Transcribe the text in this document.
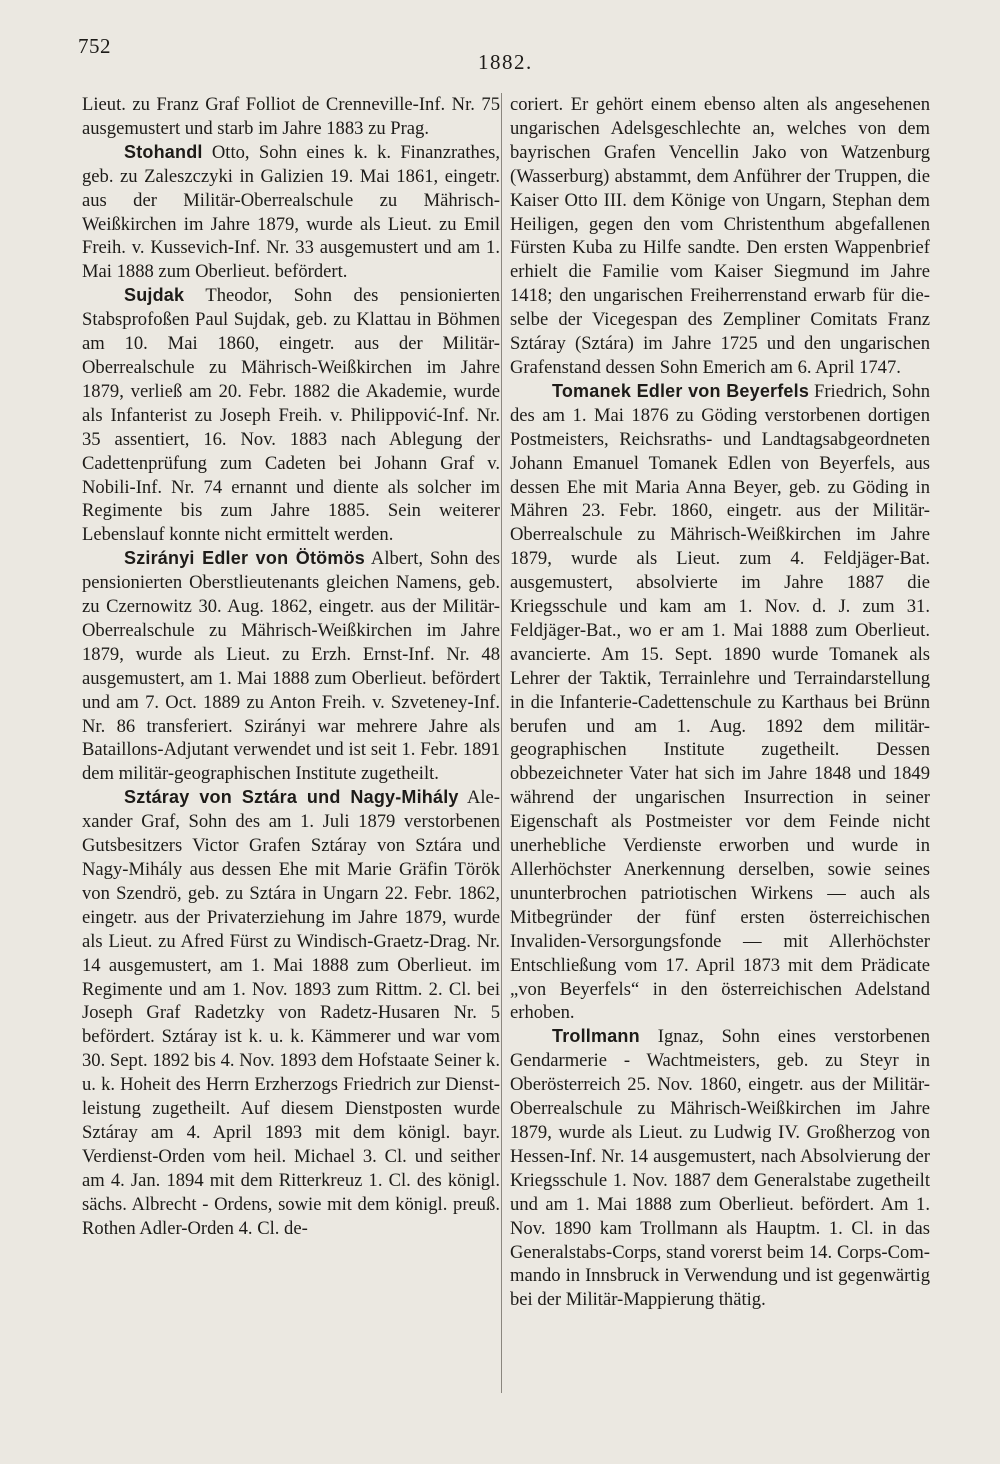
752
1882.

Lieut. zu Franz Graf Folliot de Crenneville-Inf. Nr. 75 ausgemustert und starb im Jahre 1883 zu Prag.

Stohandl Otto, Sohn eines k. k. Finanzrathes, geb. zu Zaleszczyki in Galizien 19. Mai 1861, eingetr. aus der Militär-Oberrealschule zu Mährisch-Weißkirchen im Jahre 1879, wurde als Lieut. zu Emil Freih. v. Kussevich-Inf. Nr. 33 ausgemustert und am 1. Mai 1888 zum Oberlieut. befördert.

Sujdak Theodor, Sohn des pensionierten Stabsprofoßen Paul Sujdak, geb. zu Klattau in Böhmen am 10. Mai 1860, eingetr. aus der Militär-Oberrealschule zu Mährisch-Weißkirchen im Jahre 1879, verließ am 20. Febr. 1882 die Akademie, wurde als Infanterist zu Joseph Freih. v. Philippović-Inf. Nr. 35 assentiert, 16. Nov. 1883 nach Ablegung der Cadettenprüfung zum Cadeten bei Johann Graf v. Nobili-Inf. Nr. 74 ernannt und diente als solcher im Regimente bis zum Jahre 1885. Sein weiterer Lebenslauf konnte nicht ermittelt werden.

Szirányi Edler von Ötömös Albert, Sohn des pensionierten Oberstlieutenants gleichen Namens, geb. zu Czernowitz 30. Aug. 1862, eingetr. aus der Militär-Oberrealschule zu Mährisch-Weißkirchen im Jahre 1879, wurde als Lieut. zu Erzh. Ernst-Inf. Nr. 48 ausgemustert, am 1. Mai 1888 zum Oberlieut. befördert und am 7. Oct. 1889 zu Anton Freih. v. Szveteney-Inf. Nr. 86 transferiert. Szirányi war mehrere Jahre als Bataillons-Adjutant verwendet und ist seit 1. Febr. 1891 dem militär-geographischen Institute zugetheilt.

Sztáray von Sztára und Nagy-Mihály Alexander Graf, Sohn des am 1. Juli 1879 verstorbenen Gutsbesitzers Victor Grafen Sztáray von Sztára und Nagy-Mihály aus dessen Ehe mit Marie Gräfin Török von Szendrö, geb. zu Sztára in Ungarn 22. Febr. 1862, eingetr. aus der Privaterziehung im Jahre 1879, wurde als Lieut. zu Afred Fürst zu Windisch-Graetz-Drag. Nr. 14 ausgemustert, am 1. Mai 1888 zum Oberlieut. im Regimente und am 1. Nov. 1893 zum Rittm. 2. Cl. bei Joseph Graf Radetzky von Radetz-Husaren Nr. 5 befördert. Sztáray ist k. u. k. Kämmerer und war vom 30. Sept. 1892 bis 4. Nov. 1893 dem Hofstaate Seiner k. u. k. Hoheit des Herrn Erzherzogs Friedrich zur Dienstleistung zugetheilt. Auf diesem Dienstposten wurde Sztáray am 4. April 1893 mit dem königl. bayr. Verdienst-Orden vom heil. Michael 3. Cl. und seither am 4. Jan. 1894 mit dem Ritterkreuz 1. Cl. des königl. sächs. Albrecht - Ordens, sowie mit dem königl. preuß. Rothen Adler-Orden 4. Cl. de-

coriert. Er gehört einem ebenso alten als angesehenen ungarischen Adelsgeschlechte an, welches von dem bayrischen Grafen Vencellin Jako von Watzenburg (Wasserburg) abstammt, dem Anführer der Truppen, die Kaiser Otto III. dem Könige von Ungarn, Stephan dem Heiligen, gegen den vom Christenthum abgefallenen Fürsten Kuba zu Hilfe sandte. Den ersten Wappenbrief erhielt die Familie vom Kaiser Siegmund im Jahre 1418; den ungarischen Freiherrenstand erwarb für dieselbe der Vicegespan des Zempliner Comitats Franz Sztáray (Sztára) im Jahre 1725 und den ungarischen Grafenstand dessen Sohn Emerich am 6. April 1747.

Tomanek Edler von Beyerfels Friedrich, Sohn des am 1. Mai 1876 zu Göding verstorbenen dortigen Postmeisters, Reichsraths- und Landtagsabgeordneten Johann Emanuel Tomanek Edlen von Beyerfels, aus dessen Ehe mit Maria Anna Beyer, geb. zu Göding in Mähren 23. Febr. 1860, eingetr. aus der Militär-Oberrealschule zu Mährisch-Weißkirchen im Jahre 1879, wurde als Lieut. zum 4. Feldjäger-Bat. ausgemustert, absolvierte im Jahre 1887 die Kriegsschule und kam am 1. Nov. d. J. zum 31. Feldjäger-Bat., wo er am 1. Mai 1888 zum Oberlieut. avancierte. Am 15. Sept. 1890 wurde Tomanek als Lehrer der Taktik, Terrainlehre und Terraindarstellung in die Infanterie-Cadettenschule zu Karthaus bei Brünn berufen und am 1. Aug. 1892 dem militär-geographischen Institute zugetheilt. Dessen obbezeichneter Vater hat sich im Jahre 1848 und 1849 während der ungarischen Insurrection in seiner Eigenschaft als Postmeister vor dem Feinde nicht unerhebliche Verdienste erworben und wurde in Allerhöchster Anerkennung derselben, sowie seines ununterbrochen patriotischen Wirkens — auch als Mitbegründer der fünf ersten österreichischen Invaliden-Versorgungsfonde — mit Allerhöchster Entschließung vom 17. April 1873 mit dem Prädicate „von Beyerfels“ in den österreichischen Adelstand erhoben.

Trollmann Ignaz, Sohn eines verstorbenen Gendarmerie - Wachtmeisters, geb. zu Steyr in Oberösterreich 25. Nov. 1860, eingetr. aus der Militär-Oberrealschule zu Mährisch-Weißkirchen im Jahre 1879, wurde als Lieut. zu Ludwig IV. Großherzog von Hessen-Inf. Nr. 14 ausgemustert, nach Absolvierung der Kriegsschule 1. Nov. 1887 dem Generalstabe zugetheilt und am 1. Mai 1888 zum Oberlieut. befördert. Am 1. Nov. 1890 kam Trollmann als Hauptm. 1. Cl. in das Generalstabs-Corps, stand vorerst beim 14. Corps-Commando in Innsbruck in Verwendung und ist gegenwärtig bei der Militär-Mappierung thätig.
